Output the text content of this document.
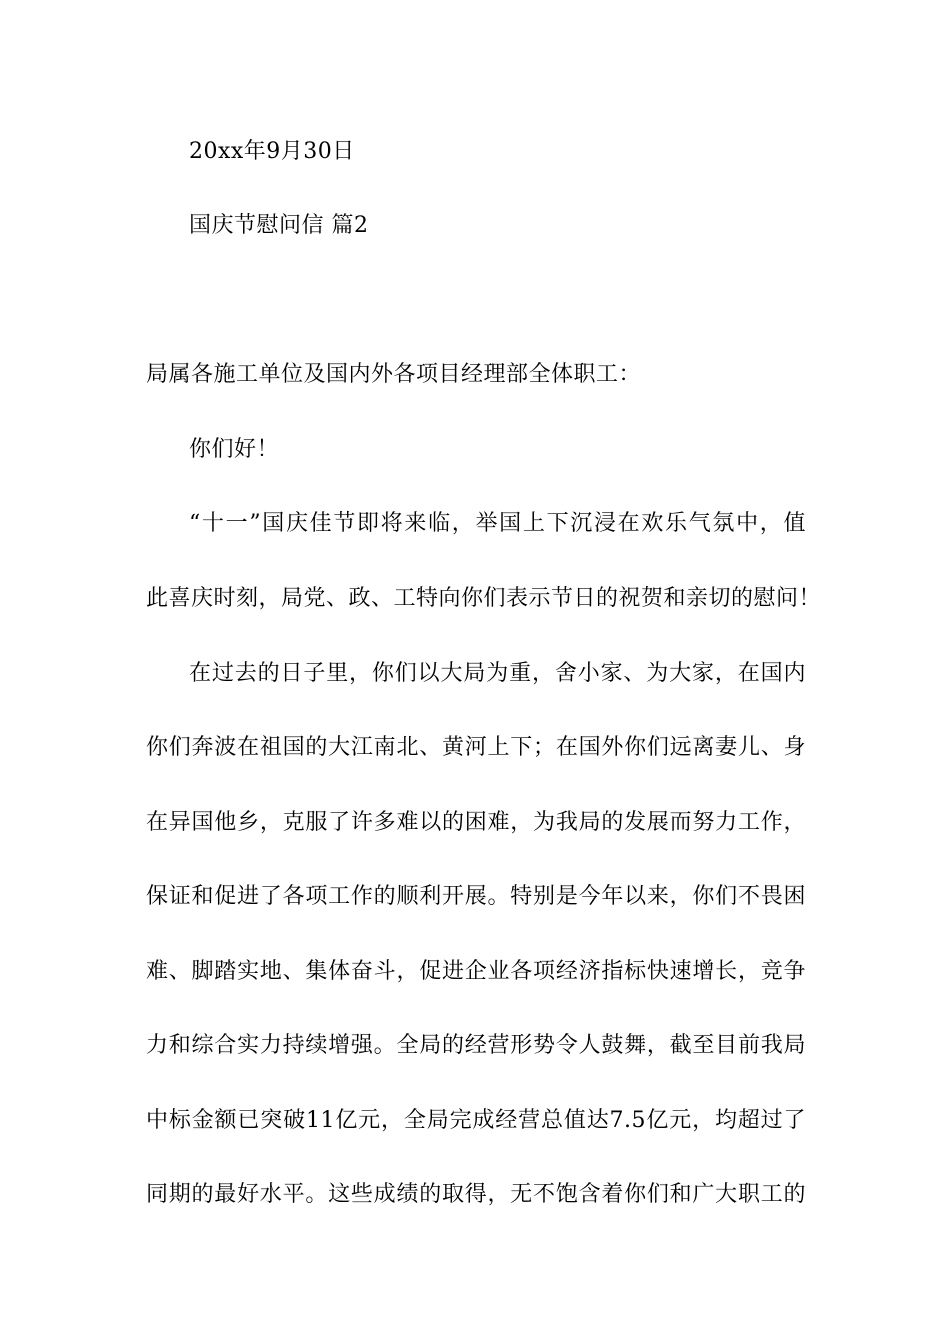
20xx年9月30日
国庆节慰问信 篇2
局属各施工单位及国内外各项目经理部全体职工：
你们好！
“十一”国庆佳节即将来临，举国上下沉浸在欢乐气氛中，值
此喜庆时刻，局党、政、工特向你们表示节日的祝贺和亲切的慰问！
在过去的日子里，你们以大局为重，舍小家、为大家，在国内
你们奔波在祖国的大江南北、黄河上下；在国外你们远离妻儿、身
在异国他乡，克服了许多难以的困难，为我局的发展而努力工作，
保证和促进了各项工作的顺利开展。特别是今年以来，你们不畏困
难、脚踏实地、集体奋斗，促进企业各项经济指标快速增长，竞争
力和综合实力持续增强。全局的经营形势令人鼓舞，截至目前我局
中标金额已突破11亿元，全局完成经营总值达7.5亿元，均超过了
同期的最好水平。这些成绩的取得，无不饱含着你们和广大职工的
